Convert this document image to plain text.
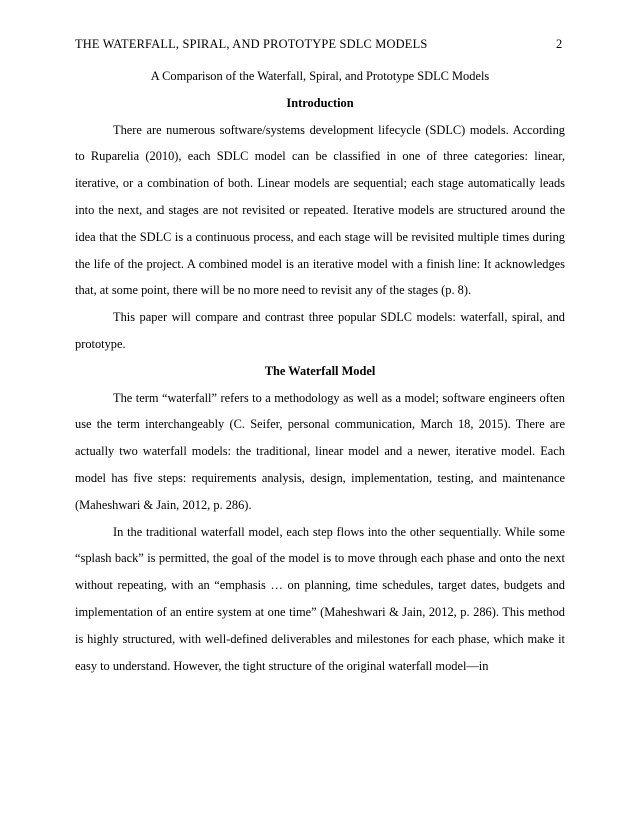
THE WATERFALL, SPIRAL, AND PROTOTYPE SDLC MODELS	2
A Comparison of the Waterfall, Spiral, and Prototype SDLC Models
Introduction

There are numerous software/systems development lifecycle (SDLC) models. According to Ruparelia (2010), each SDLC model can be classified in one of three categories: linear, iterative, or a combination of both. Linear models are sequential; each stage automatically leads into the next, and stages are not revisited or repeated. Iterative models are structured around the idea that the SDLC is a continuous process, and each stage will be revisited multiple times during the life of the project. A combined model is an iterative model with a finish line: It acknowledges that, at some point, there will be no more need to revisit any of the stages (p. 8).

This paper will compare and contrast three popular SDLC models: waterfall, spiral, and prototype.

The Waterfall Model

The term “waterfall” refers to a methodology as well as a model; software engineers often use the term interchangeably (C. Seifer, personal communication, March 18, 2015). There are actually two waterfall models: the traditional, linear model and a newer, iterative model. Each model has five steps: requirements analysis, design, implementation, testing, and maintenance (Maheshwari & Jain, 2012, p. 286).

In the traditional waterfall model, each step flows into the other sequentially. While some “splash back” is permitted, the goal of the model is to move through each phase and onto the next without repeating, with an “emphasis … on planning, time schedules, target dates, budgets and implementation of an entire system at one time” (Maheshwari & Jain, 2012, p. 286). This method is highly structured, with well-defined deliverables and milestones for each phase, which make it easy to understand. However, the tight structure of the original waterfall model—in
